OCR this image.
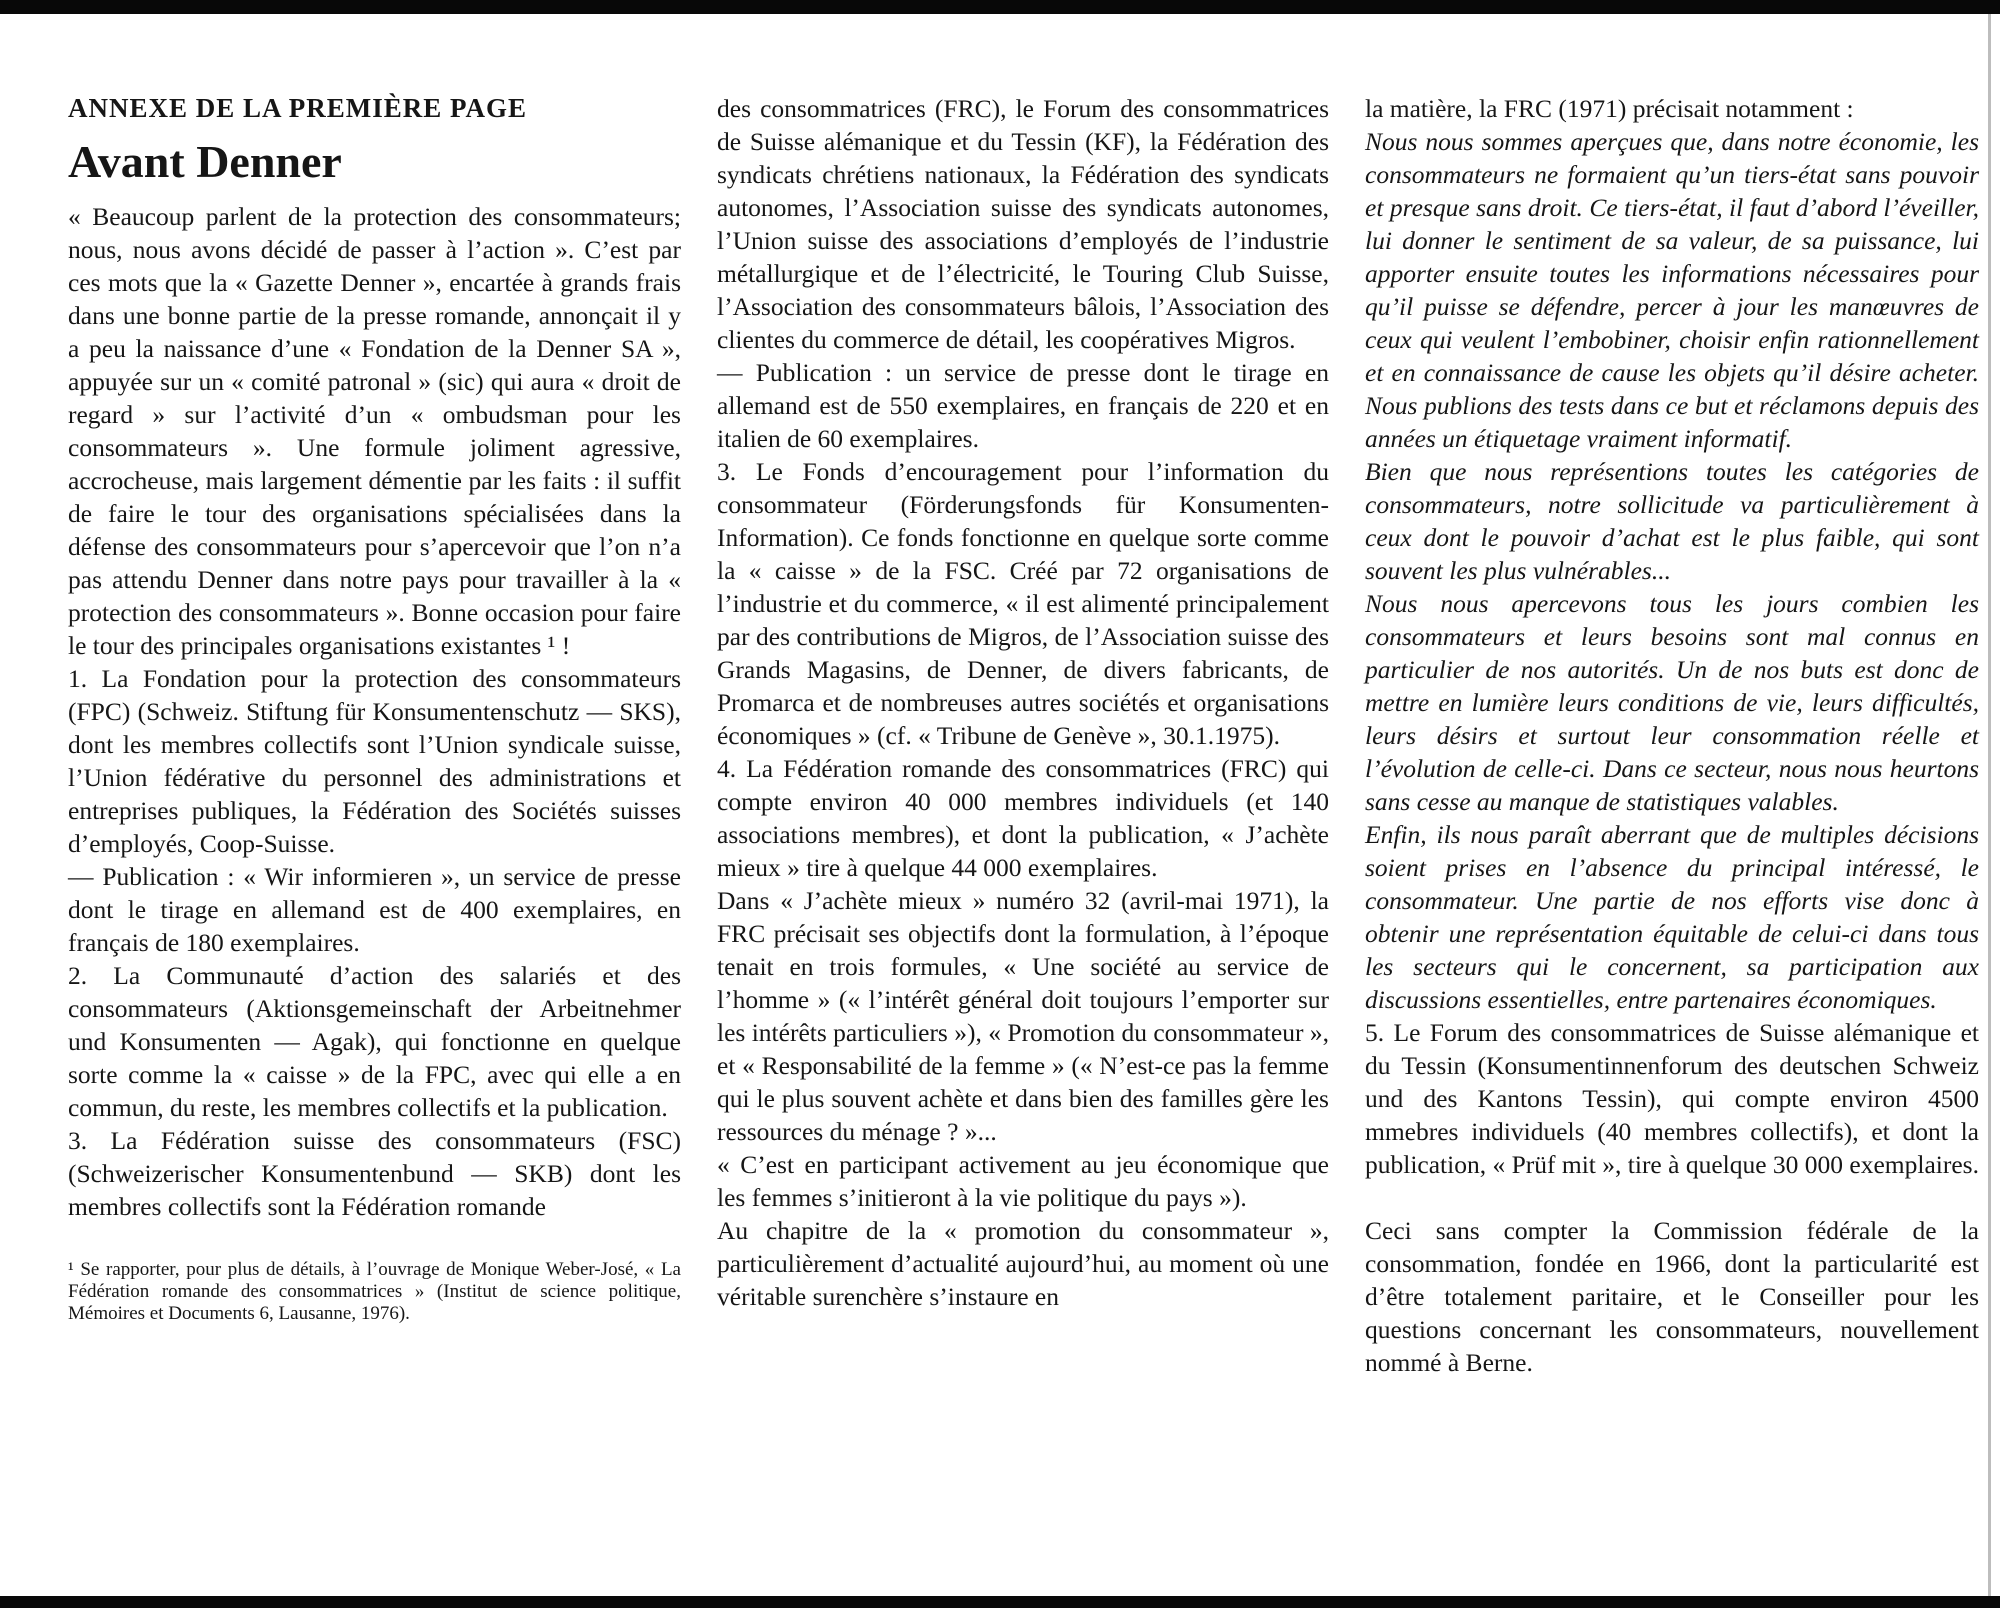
ANNEXE DE LA PREMIÈRE PAGE
Avant Denner

« Beaucoup parlent de la protection des consommateurs; nous, nous avons décidé de passer à l’action ». C’est par ces mots que la « Gazette Denner », encartée à grands frais dans une bonne partie de la presse romande, annonçait il y a peu la naissance d’une « Fondation de la Denner SA », appuyée sur un « comité patronal » (sic) qui aura « droit de regard » sur l’activité d’un « ombudsman pour les consommateurs ». Une formule joliment agressive, accrocheuse, mais largement démentie par les faits : il suffit de faire le tour des organisations spécialisées dans la défense des consommateurs pour s’apercevoir que l’on n’a pas attendu Denner dans notre pays pour travailler à la « protection des consommateurs ». Bonne occasion pour faire le tour des principales organisations existantes ¹ !

1. La Fondation pour la protection des consommateurs (FPC) (Schweiz. Stiftung für Konsumentenschutz — SKS), dont les membres collectifs sont l’Union syndicale suisse, l’Union fédérative du personnel des administrations et entreprises publiques, la Fédération des Sociétés suisses d’employés, Coop-Suisse.

— Publication : « Wir informieren », un service de presse dont le tirage en allemand est de 400 exemplaires, en français de 180 exemplaires.

2. La Communauté d’action des salariés et des consommateurs (Aktionsgemeinschaft der Arbeitnehmer und Konsumenten — Agak), qui fonctionne en quelque sorte comme la « caisse » de la FPC, avec qui elle a en commun, du reste, les membres collectifs et la publication.

3. La Fédération suisse des consommateurs (FSC) (Schweizerischer Konsumentenbund — SKB) dont les membres collectifs sont la Fédération romande

¹ Se rapporter, pour plus de détails, à l’ouvrage de Monique Weber-José, « La Fédération romande des consommatrices » (Institut de science politique, Mémoires et Documents 6, Lausanne, 1976).

des consommatrices (FRC), le Forum des consommatrices de Suisse alémanique et du Tessin (KF), la Fédération des syndicats chrétiens nationaux, la Fédération des syndicats autonomes, l’Association suisse des syndicats autonomes, l’Union suisse des associations d’employés de l’industrie métallurgique et de l’électricité, le Touring Club Suisse, l’Association des consommateurs bâlois, l’Association des clientes du commerce de détail, les coopératives Migros.

— Publication : un service de presse dont le tirage en allemand est de 550 exemplaires, en français de 220 et en italien de 60 exemplaires.

3. Le Fonds d’encouragement pour l’information du consommateur (Förderungsfonds für Konsumenten-Information). Ce fonds fonctionne en quelque sorte comme la « caisse » de la FSC. Créé par 72 organisations de l’industrie et du commerce, « il est alimenté principalement par des contributions de Migros, de l’Association suisse des Grands Magasins, de Denner, de divers fabricants, de Promarca et de nombreuses autres sociétés et organisations économiques » (cf. « Tribune de Genève », 30.1.1975).

4. La Fédération romande des consommatrices (FRC) qui compte environ 40 000 membres individuels (et 140 associations membres), et dont la publication, « J’achète mieux » tire à quelque 44 000 exemplaires.

Dans « J’achète mieux » numéro 32 (avril-mai 1971), la FRC précisait ses objectifs dont la formulation, à l’époque tenait en trois formules, « Une société au service de l’homme » (« l’intérêt général doit toujours l’emporter sur les intérêts particuliers »), « Promotion du consommateur », et « Responsabilité de la femme » (« N’est-ce pas la femme qui le plus souvent achète et dans bien des familles gère les ressources du ménage ? »...

« C’est en participant activement au jeu économique que les femmes s’initieront à la vie politique du pays »).

Au chapitre de la « promotion du consommateur », particulièrement d’actualité aujourd’hui, au moment où une véritable surenchère s’instaure en

la matière, la FRC (1971) précisait notamment :

Nous nous sommes aperçues que, dans notre économie, les consommateurs ne formaient qu’un tiers-état sans pouvoir et presque sans droit. Ce tiers-état, il faut d’abord l’éveiller, lui donner le sentiment de sa valeur, de sa puissance, lui apporter ensuite toutes les informations nécessaires pour qu’il puisse se défendre, percer à jour les manœuvres de ceux qui veulent l’embobiner, choisir enfin rationnellement et en connaissance de cause les objets qu’il désire acheter. Nous publions des tests dans ce but et réclamons depuis des années un étiquetage vraiment informatif.

Bien que nous représentions toutes les catégories de consommateurs, notre sollicitude va particulièrement à ceux dont le pouvoir d’achat est le plus faible, qui sont souvent les plus vulnérables...

Nous nous apercevons tous les jours combien les consommateurs et leurs besoins sont mal connus en particulier de nos autorités. Un de nos buts est donc de mettre en lumière leurs conditions de vie, leurs difficultés, leurs désirs et surtout leur consommation réelle et l’évolution de celle-ci. Dans ce secteur, nous nous heurtons sans cesse au manque de statistiques valables.

Enfin, ils nous paraît aberrant que de multiples décisions soient prises en l’absence du principal intéressé, le consommateur. Une partie de nos efforts vise donc à obtenir une représentation équitable de celui-ci dans tous les secteurs qui le concernent, sa participation aux discussions essentielles, entre partenaires économiques.

5. Le Forum des consommatrices de Suisse alémanique et du Tessin (Konsumentinnenforum des deutschen Schweiz und des Kantons Tessin), qui compte environ 4500 mmebres individuels (40 membres collectifs), et dont la publication, « Prüf mit », tire à quelque 30 000 exemplaires.

Ceci sans compter la Commission fédérale de la consommation, fondée en 1966, dont la particularité est d’être totalement paritaire, et le Conseiller pour les questions concernant les consommateurs, nouvellement nommé à Berne.
